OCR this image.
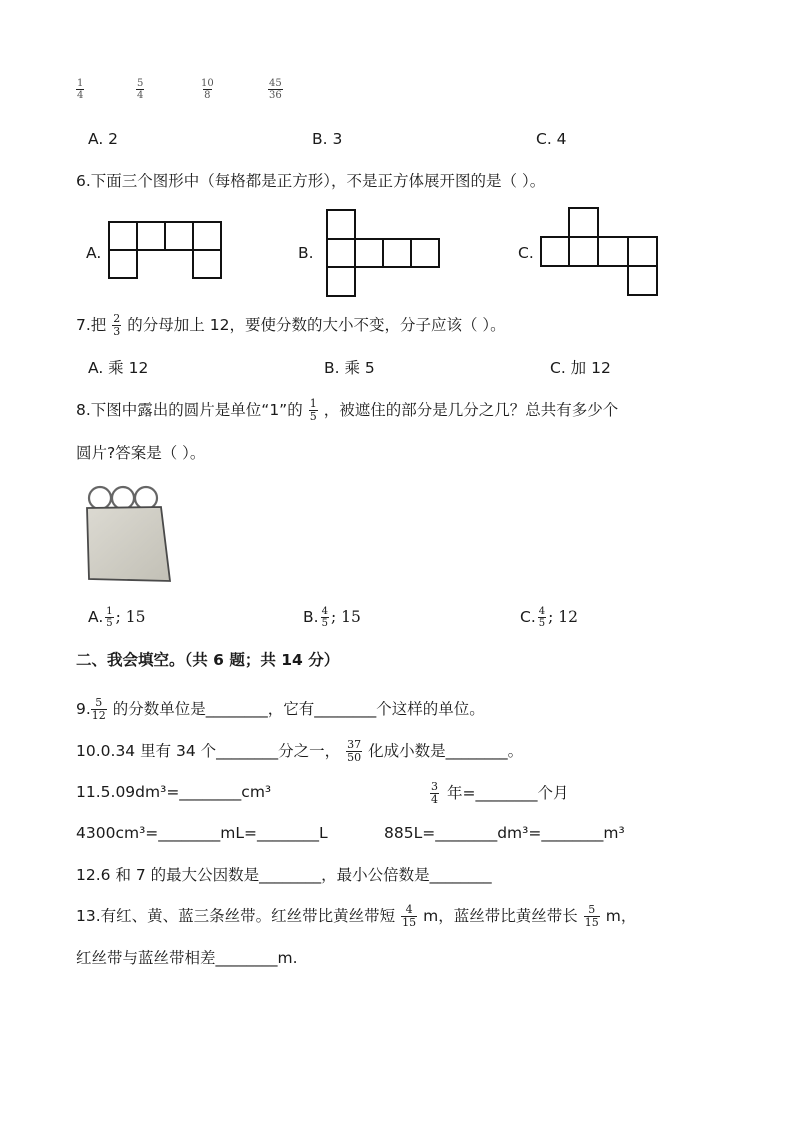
$\frac{1}{4}$	$\frac{5}{4}$	$\frac{10}{8}$	$\frac{45}{36}$
A. 2	B. 3	C. 4
6.下面三个图形中（每格都是正方形），不是正方体展开图的是（ ）。
A.	B.	C.
7.把 $\frac{2}{3}$ 的分母加上 12，要使分数的大小不变，分子应该（ ）。
A. 乘 12	B. 乘 5	C. 加 12
8.下图中露出的圆片是单位“1”的 $\frac{1}{5}$ ，被遮住的部分是几分之几？总共有多少个
圆片?答案是（ ）。
A. $\frac{1}{5}$ ; 15	B. $\frac{4}{5}$ ; 15	C. $\frac{4}{5}$ ; 12
二、我会填空。（共 6 题；共 14 分）
9. $\frac{5}{12}$ 的分数单位是________，它有________个这样的单位。
10.0.34 里有 34 个________分之一， $\frac{37}{50}$ 化成小数是________。
11.5.09dm³=________cm³	$\frac{3}{4}$ 年=________个月
4300cm³=________mL=________L	885L=________dm³=________m³
12.6 和 7 的最大公因数是________，最小公倍数是________
13.有红、黄、蓝三条丝带。红丝带比黄丝带短 $\frac{4}{15}$ m，蓝丝带比黄丝带长 $\frac{5}{15}$ m，
红丝带与蓝丝带相差________m.
